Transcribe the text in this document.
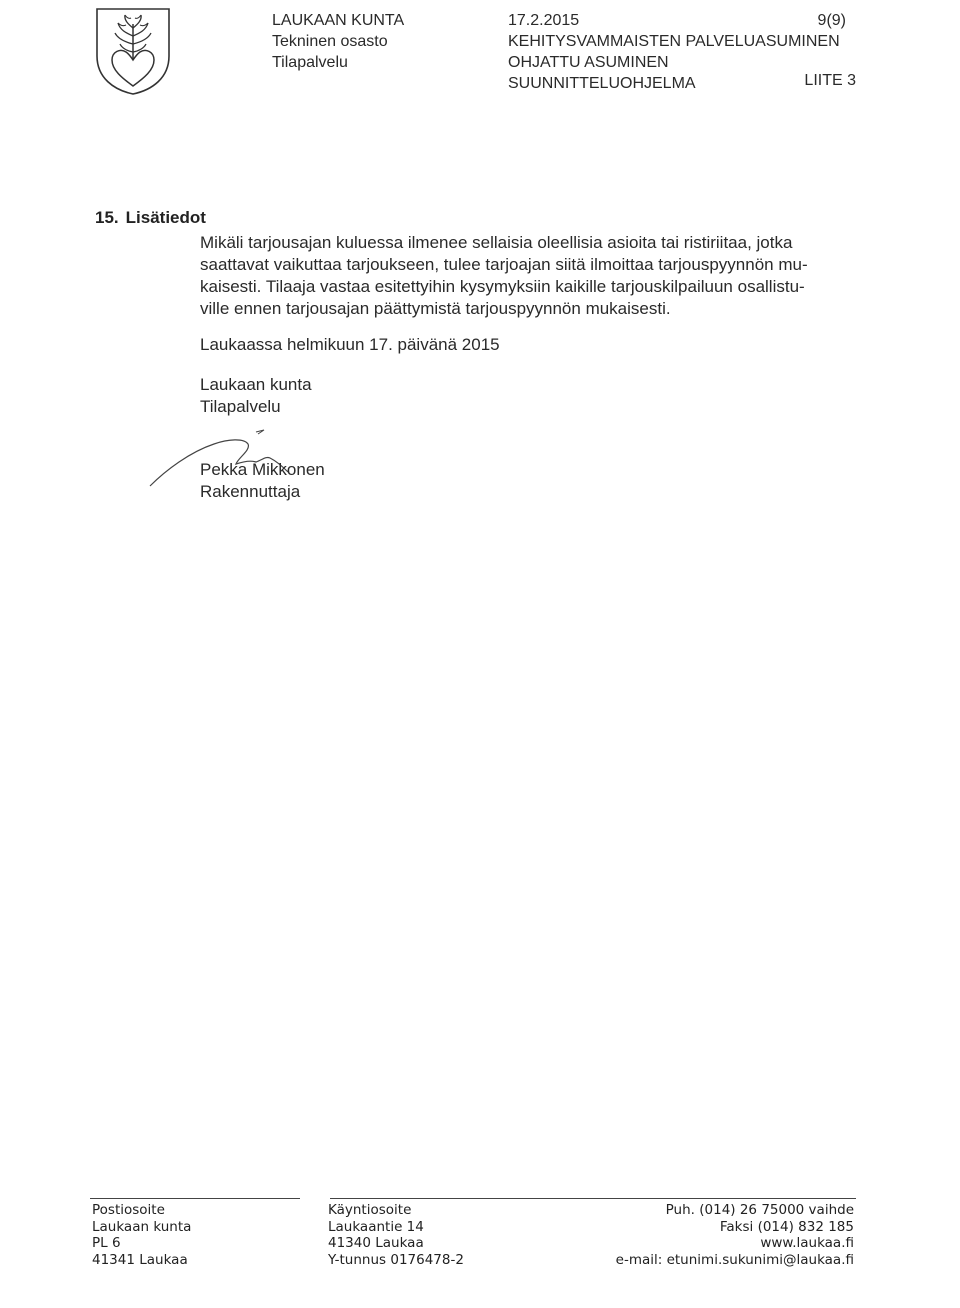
LAUKAAN KUNTA
Tekninen osasto
Tilapalvelu
17.2.2015
KEHITYSVAMMAISTEN PALVELUASUMINEN
OHJATTU ASUMINEN
SUUNNITTELUOHJELMA
9(9)
LIITE 3
15. Lisätiedot
Mikäli tarjousajan kuluessa ilmenee sellaisia oleellisia asioita tai ristiriitaa, jotka
saattavat vaikuttaa tarjoukseen, tulee tarjoajan siitä ilmoittaa tarjouspyynnön mu-
kaisesti. Tilaaja vastaa esitettyihin kysymyksiin kaikille tarjouskilpailuun osallistu-
ville ennen tarjousajan päättymistä tarjouspyynnön mukaisesti.
Laukaassa helmikuun 17. päivänä 2015
Laukaan kunta
Tilapalvelu
Pekka Mikkonen
Rakennuttaja
Postiosoite
Laukaan kunta
PL 6
41341 Laukaa
Käyntiosoite
Laukaantie 14
41340 Laukaa
Y-tunnus 0176478-2
Puh. (014) 26 75000 vaihde
Faksi (014) 832 185
www.laukaa.fi
e-mail: etunimi.sukunimi@laukaa.fi
